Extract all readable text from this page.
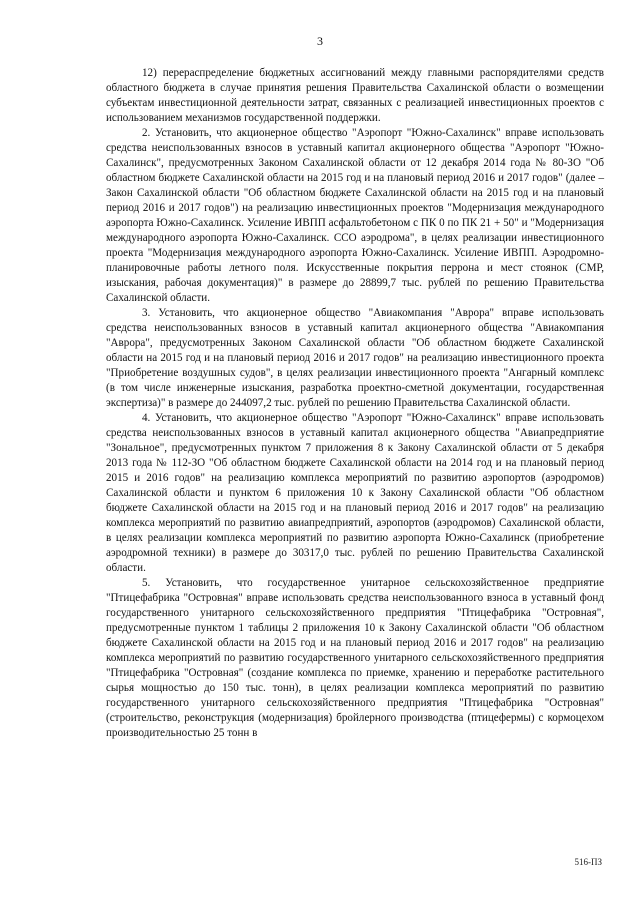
3

12) перераспределение бюджетных ассигнований между главными распорядителями средств областного бюджета в случае принятия решения Правительства Сахалинской области о возмещении субъектам инвестиционной деятельности затрат, связанных с реализацией инвестиционных проектов с использованием механизмов государственной поддержки.

2. Установить, что акционерное общество "Аэропорт "Южно-Сахалинск" вправе использовать средства неиспользованных взносов в уставный капитал акционерного общества "Аэропорт "Южно-Сахалинск", предусмотренных Законом Сахалинской области от 12 декабря 2014 года № 80-ЗО "Об областном бюджете Сахалинской области на 2015 год и на плановый период 2016 и 2017 годов" (далее – Закон Сахалинской области "Об областном бюджете Сахалинской области на 2015 год и на плановый период 2016 и 2017 годов") на реализацию инвестиционных проектов "Модернизация международного аэропорта Южно-Сахалинск. Усиление ИВПП асфальтобетоном с ПК 0 по ПК 21 + 50" и "Модернизация международного аэропорта Южно-Сахалинск. ССО аэродрома", в целях реализации инвестиционного проекта "Модернизация международного аэропорта Южно-Сахалинск. Усиление ИВПП. Аэродромно-планировочные работы летного поля. Искусственные покрытия перрона и мест стоянок (СМР, изыскания, рабочая документация)" в размере до 28899,7 тыс. рублей по решению Правительства Сахалинской области.

3. Установить, что акционерное общество "Авиакомпания "Аврора" вправе использовать средства неиспользованных взносов в уставный капитал акционерного общества "Авиакомпания "Аврора", предусмотренных Законом Сахалинской области "Об областном бюджете Сахалинской области на 2015 год и на плановый период 2016 и 2017 годов" на реализацию инвестиционного проекта "Приобретение воздушных судов", в целях реализации инвестиционного проекта "Ангарный комплекс (в том числе инженерные изыскания, разработка проектно-сметной документации, государственная экспертиза)" в размере до 244097,2 тыс. рублей по решению Правительства Сахалинской области.

4. Установить, что акционерное общество "Аэропорт "Южно-Сахалинск" вправе использовать средства неиспользованных взносов в уставный капитал акционерного общества "Авиапредприятие "Зональное", предусмотренных пунктом 7 приложения 8 к Закону Сахалинской области от 5 декабря 2013 года № 112-ЗО "Об областном бюджете Сахалинской области на 2014 год и на плановый период 2015 и 2016 годов" на реализацию комплекса мероприятий по развитию аэропортов (аэродромов) Сахалинской области и пунктом 6 приложения 10 к Закону Сахалинской области "Об областном бюджете Сахалинской области на 2015 год и на плановый период 2016 и 2017 годов" на реализацию комплекса мероприятий по развитию авиапредприятий, аэропортов (аэродромов) Сахалинской области, в целях реализации комплекса мероприятий по развитию аэропорта Южно-Сахалинск (приобретение аэродромной техники) в размере до 30317,0 тыс. рублей по решению Правительства Сахалинской области.

5. Установить, что государственное унитарное сельскохозяйственное предприятие "Птицефабрика "Островная" вправе использовать средства неиспользованного взноса в уставный фонд государственного унитарного сельскохозяйственного предприятия "Птицефабрика "Островная", предусмотренные пунктом 1 таблицы 2 приложения 10 к Закону Сахалинской области "Об областном бюджете Сахалинской области на 2015 год и на плановый период 2016 и 2017 годов" на реализацию комплекса мероприятий по развитию государственного унитарного сельскохозяйственного предприятия "Птицефабрика "Островная" (создание комплекса по приемке, хранению и переработке растительного сырья мощностью до 150 тыс. тонн), в целях реализации комплекса мероприятий по развитию государственного унитарного сельскохозяйственного предприятия "Птицефабрика "Островная" (строительство, реконструкция (модернизация) бройлерного производства (птицефермы) с кормоцехом производительностью 25 тонн в

516-ПЗ
